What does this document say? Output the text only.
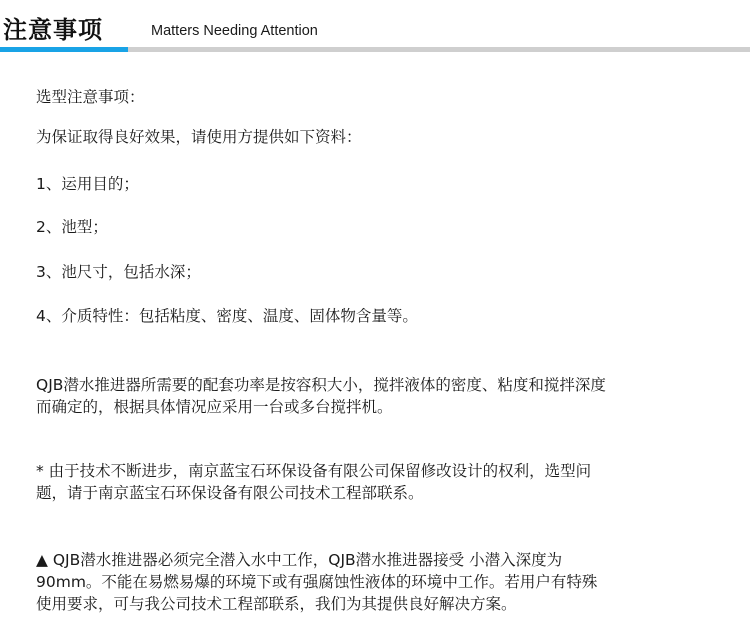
注意事项	Matters Needing Attention
选型注意事项：
为保证取得良好效果，请使用方提供如下资料：
1、运用目的；
2、池型；
3、池尺寸，包括水深；
4、介质特性：包括粘度、密度、温度、固体物含量等。
QJB潜水推进器所需要的配套功率是按容积大小，搅拌液体的密度、粘度和搅拌深度
而确定的，根据具体情况应采用一台或多台搅拌机。
* 由于技术不断进步，南京蓝宝石环保设备有限公司保留修改设计的权利，选型问
题，请于南京蓝宝石环保设备有限公司技术工程部联系。
▲ QJB潜水推进器必须完全潜入水中工作，QJB潜水推进器接受 小潜入深度为
90mm。不能在易燃易爆的环境下或有强腐蚀性液体的环境中工作。若用户有特殊
使用要求，可与我公司技术工程部联系，我们为其提供良好解决方案。
